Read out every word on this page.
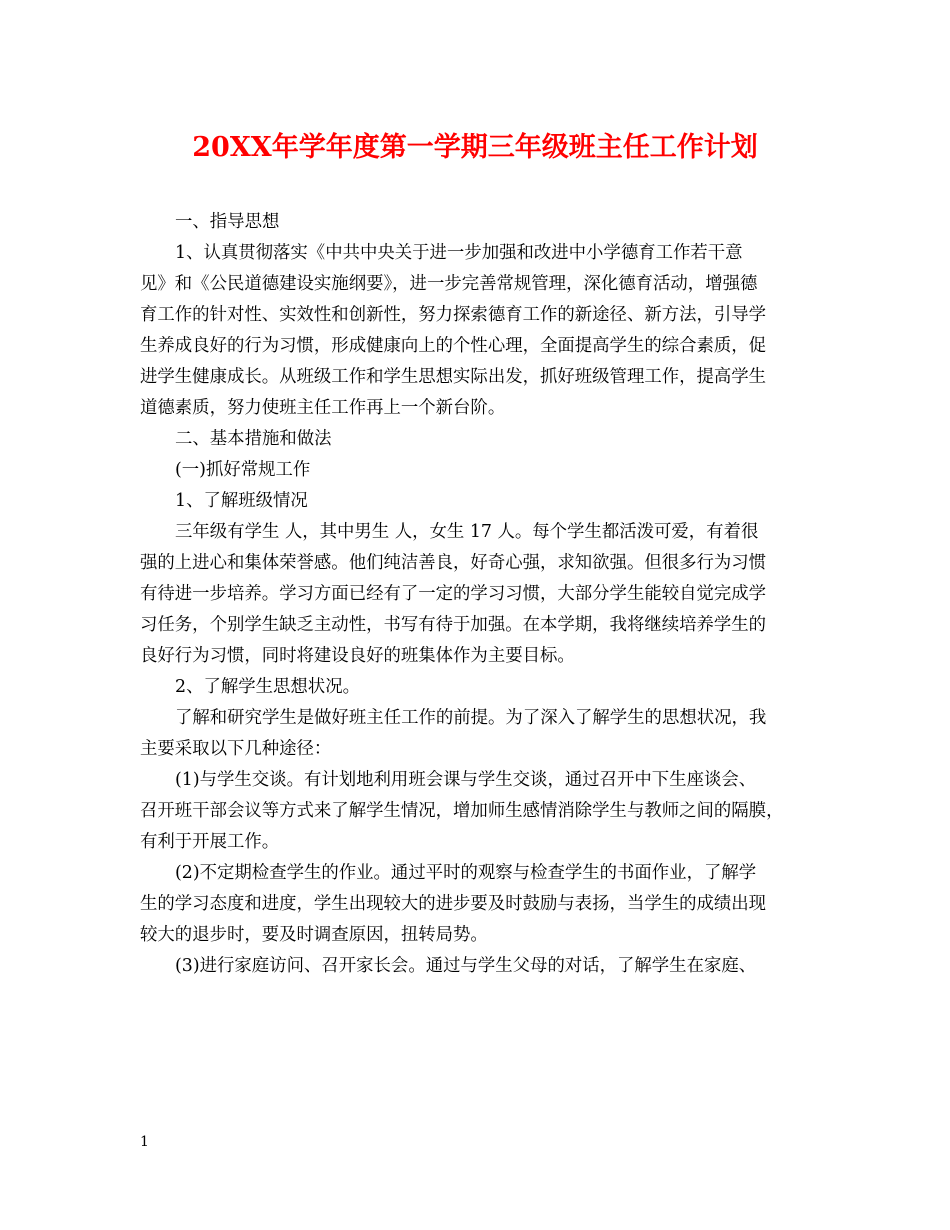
20XX年学年度第一学期三年级班主任工作计划
一、指导思想
1、认真贯彻落实《中共中央关于进一步加强和改进中小学德育工作若干意
见》和《公民道德建设实施纲要》，进一步完善常规管理，深化德育活动，增强德
育工作的针对性、实效性和创新性，努力探索德育工作的新途径、新方法，引导学
生养成良好的行为习惯，形成健康向上的个性心理，全面提高学生的综合素质，促
进学生健康成长。从班级工作和学生思想实际出发，抓好班级管理工作，提高学生
道德素质，努力使班主任工作再上一个新台阶。
二、基本措施和做法
(一)抓好常规工作
1、了解班级情况
三年级有学生 人，其中男生 人，女生 17 人。每个学生都活泼可爱，有着很
强的上进心和集体荣誉感。他们纯洁善良，好奇心强，求知欲强。但很多行为习惯
有待进一步培养。学习方面已经有了一定的学习习惯，大部分学生能较自觉完成学
习任务，个别学生缺乏主动性，书写有待于加强。在本学期，我将继续培养学生的
良好行为习惯，同时将建设良好的班集体作为主要目标。
2、了解学生思想状况。
了解和研究学生是做好班主任工作的前提。为了深入了解学生的思想状况，我
主要采取以下几种途径：
(1)与学生交谈。有计划地利用班会课与学生交谈，通过召开中下生座谈会、
召开班干部会议等方式来了解学生情况，增加师生感情消除学生与教师之间的隔膜，
有利于开展工作。
(2)不定期检查学生的作业。通过平时的观察与检查学生的书面作业，了解学
生的学习态度和进度，学生出现较大的进步要及时鼓励与表扬，当学生的成绩出现
较大的退步时，要及时调查原因，扭转局势。
(3)进行家庭访问、召开家长会。通过与学生父母的对话，了解学生在家庭、
1
